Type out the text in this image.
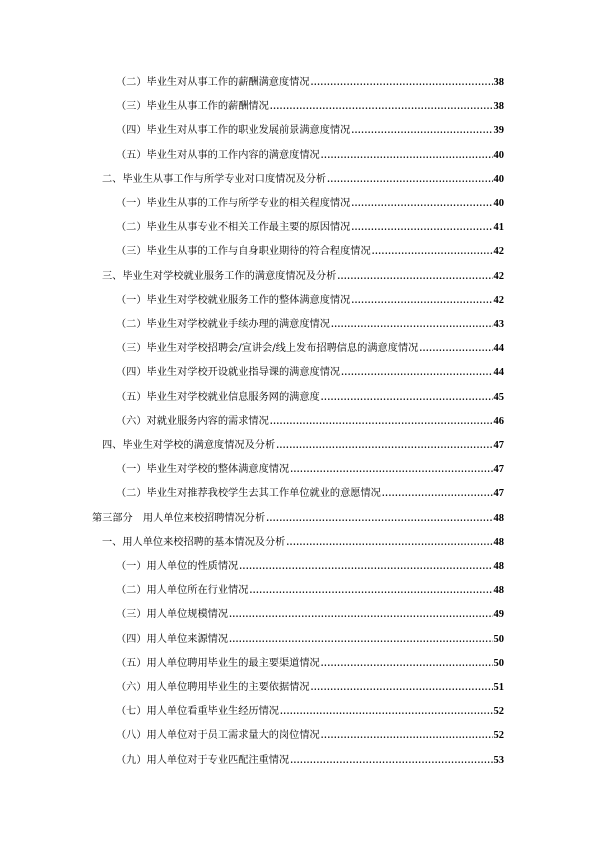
（二）毕业生对从事工作的薪酬满意度情况 .....	38
（三）毕业生从事工作的薪酬情况 .....	38
（四）毕业生对从事工作的职业发展前景满意度情况 .....	39
（五）毕业生对从事的工作内容的满意度情况 .....	40
二、毕业生从事工作与所学专业对口度情况及分析 .....	40
（一）毕业生从事的工作与所学专业的相关程度情况 .....	40
（二）毕业生从事专业不相关工作最主要的原因情况 .....	41
（三）毕业生从事的工作与自身职业期待的符合程度情况 .....	42
三、毕业生对学校就业服务工作的满意度情况及分析 .....	42
（一）毕业生对学校就业服务工作的整体满意度情况 .....	42
（二）毕业生对学校就业手续办理的满意度情况 .....	43
（三）毕业生对学校招聘会/宣讲会/线上发布招聘信息的满意度情况 .....	44
（四）毕业生对学校开设就业指导课的满意度情况 .....	44
（五）毕业生对学校就业信息服务网的满意度 .....	45
（六）对就业服务内容的需求情况 .....	46
四、毕业生对学校的满意度情况及分析 .....	47
（一）毕业生对学校的整体满意度情况 .....	47
（二）毕业生对推荐我校学生去其工作单位就业的意愿情况 .....	47
第三部分　用人单位来校招聘情况分析 .....	48
一、用人单位来校招聘的基本情况及分析 .....	48
（一）用人单位的性质情况 .....	48
（二）用人单位所在行业情况 .....	48
（三）用人单位规模情况 .....	49
（四）用人单位来源情况 .....	50
（五）用人单位聘用毕业生的最主要渠道情况 .....	50
（六）用人单位聘用毕业生的主要依据情况 .....	51
（七）用人单位看重毕业生经历情况 .....	52
（八）用人单位对于员工需求量大的岗位情况 .....	52
（九）用人单位对于专业匹配注重情况 .....	53
